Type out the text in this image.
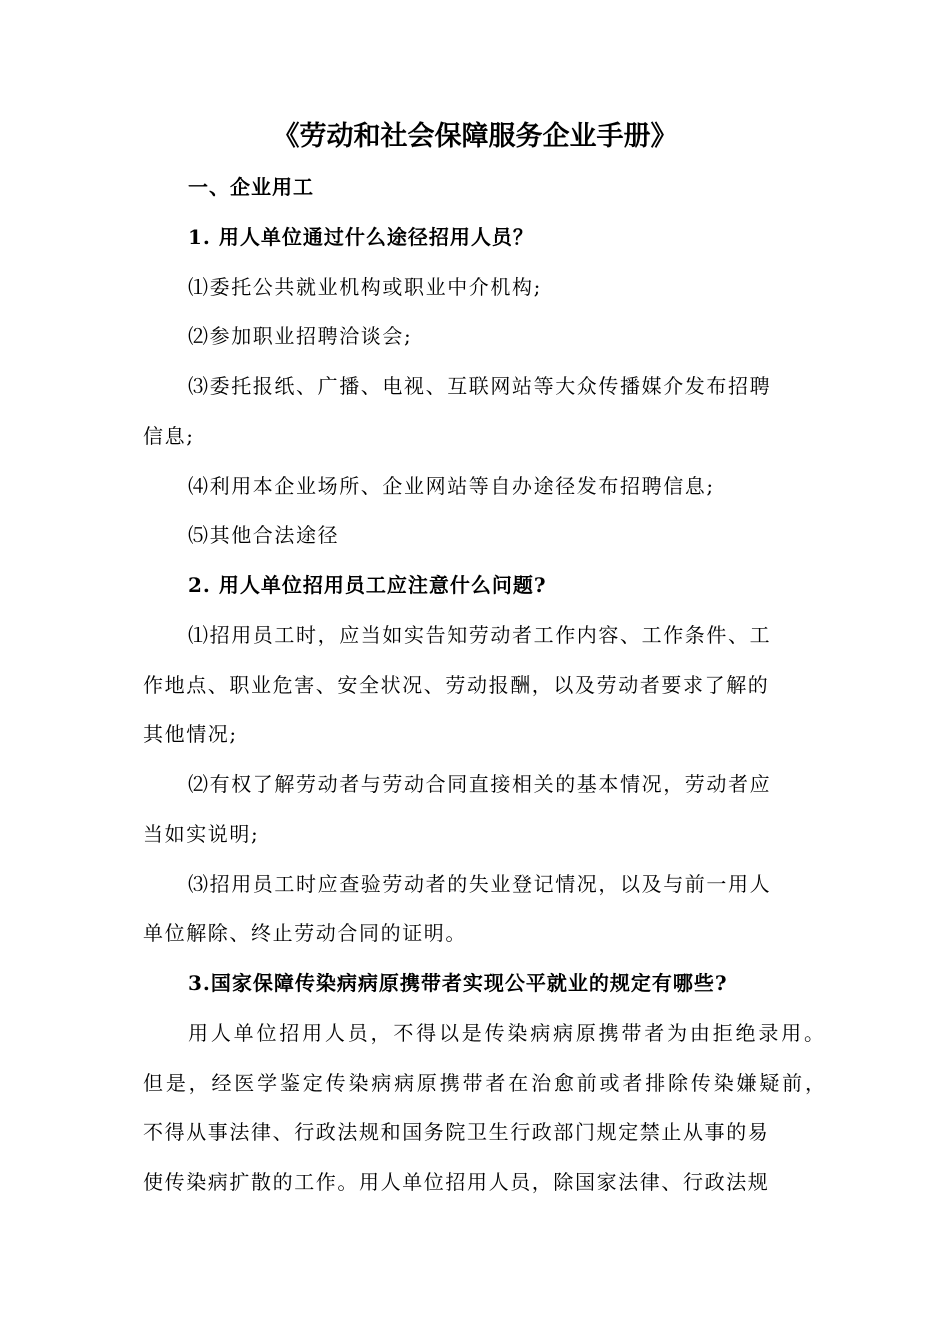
《劳动和社会保障服务企业手册》

一、企业用工

1. 用人单位通过什么途径招用人员？

⑴委托公共就业机构或职业中介机构;

⑵参加职业招聘洽谈会;

⑶委托报纸、广播、电视、互联网站等大众传播媒介发布招聘

信息;

⑷利用本企业场所、企业网站等自办途径发布招聘信息;

⑸其他合法途径

2. 用人单位招用员工应注意什么问题?

⑴招用员工时，应当如实告知劳动者工作内容、工作条件、工

作地点、职业危害、安全状况、劳动报酬，以及劳动者要求了解的

其他情况;

⑵有权了解劳动者与劳动合同直接相关的基本情况，劳动者应

当如实说明;

⑶招用员工时应查验劳动者的失业登记情况，以及与前一用人

单位解除、终止劳动合同的证明。

3.国家保障传染病病原携带者实现公平就业的规定有哪些?

用人单位招用人员，不得以是传染病病原携带者为由拒绝录用。

但是，经医学鉴定传染病病原携带者在治愈前或者排除传染嫌疑前，

不得从事法律、行政法规和国务院卫生行政部门规定禁止从事的易

使传染病扩散的工作。用人单位招用人员，除国家法律、行政法规
